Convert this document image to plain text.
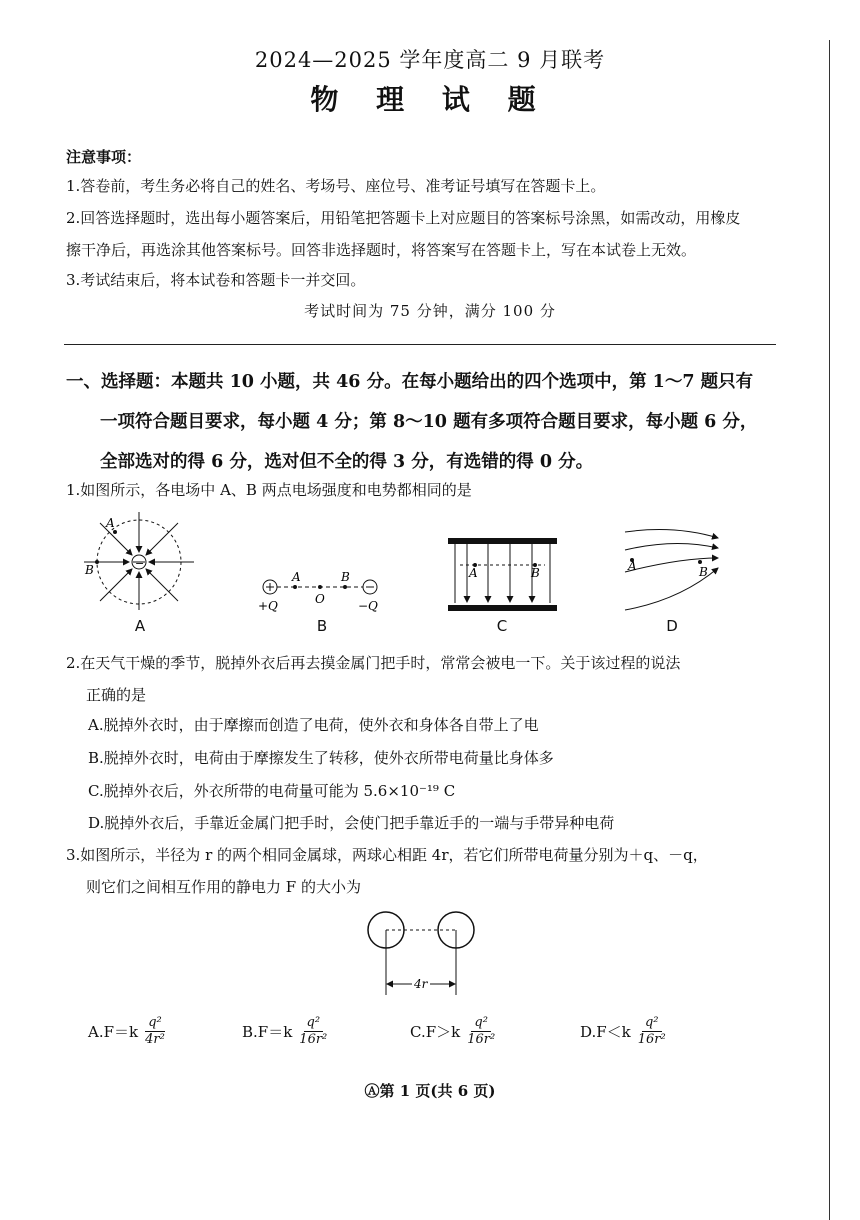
2024—2025 学年度高二 9 月联考
物 理 试 题
注意事项：
1.答卷前，考生务必将自己的姓名、考场号、座位号、准考证号填写在答题卡上。
2.回答选择题时，选出每小题答案后，用铅笔把答题卡上对应题目的答案标号涂黑，如需改动，用橡皮
擦干净后，再选涂其他答案标号。回答非选择题时，将答案写在答题卡上，写在本试卷上无效。
3.考试结束后，将本试卷和答题卡一并交回。
考试时间为 75 分钟，满分 100 分
一、选择题：本题共 10 小题，共 46 分。在每小题给出的四个选项中，第 1～7 题只有
一项符合题目要求，每小题 4 分；第 8～10 题有多项符合题目要求，每小题 6 分，
全部选对的得 6 分，选对但不全的得 3 分，有选错的得 0 分。
1.如图所示，各电场中 A、B 两点电场强度和电势都相同的是
A
B	−
A
A	B
O
+Q	−Q
B
A	B
C
A	B
D
2.在天气干燥的季节，脱掉外衣后再去摸金属门把手时，常常会被电一下。关于该过程的说法
正确的是
A.脱掉外衣时，由于摩擦而创造了电荷，使外衣和身体各自带上了电
B.脱掉外衣时，电荷由于摩擦发生了转移，使外衣所带电荷量比身体多
C.脱掉外衣后，外衣所带的电荷量可能为 5.6×10⁻¹⁹ C
D.脱掉外衣后，手靠近金属门把手时，会使门把手靠近手的一端与手带异种电荷
3.如图所示，半径为 r 的两个相同金属球，两球心相距 4r，若它们所带电荷量分别为＋q、－q，
则它们之间相互作用的静电力 F 的大小为
4r
$A.F=k \frac{\text{q²}}{\text{4r²}}$	$B.F=k \frac{\text{q²}}{\text{16r²}}$	$C.F>k \frac{\text{q²}}{\text{16r²}}$	$D.F<k \frac{\text{q²}}{\text{16r²}}$
Ⓐ第 1 页(共 6 页)
